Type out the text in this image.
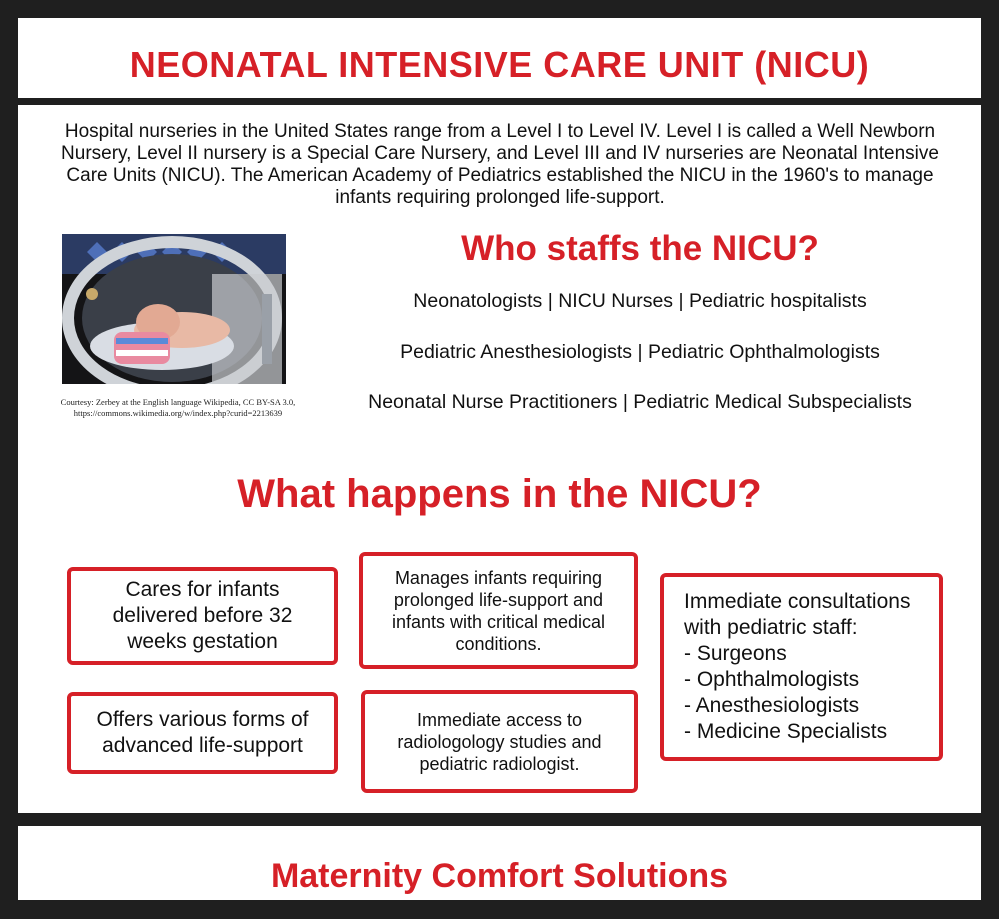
NEONATAL INTENSIVE CARE UNIT (NICU)
Hospital nurseries in the United States range from a Level I to Level IV. Level I is called a Well Newborn Nursery, Level II nursery is a Special Care Nursery, and Level III and IV nurseries are Neonatal Intensive Care Units (NICU). The American Academy of Pediatrics established the NICU in the 1960's to manage infants requiring prolonged life-support.
Courtesy: Zerbey at the English language Wikipedia, CC BY-SA 3.0,
https://commons.wikimedia.org/w/index.php?curid=2213639
Who staffs the NICU?
Neonatologists | NICU Nurses | Pediatric hospitalists
Pediatric Anesthesiologists | Pediatric Ophthalmologists
Neonatal Nurse Practitioners | Pediatric Medical Subspecialists
What happens in the NICU?
Cares for infants delivered before 32 weeks gestation
Manages infants requiring prolonged life-support and infants with critical medical conditions.
Offers various forms of advanced life-support
Immediate access to radiologology studies and pediatric radiologist.
Immediate consultations with pediatric staff:
- Surgeons
- Ophthalmologists
- Anesthesiologists
- Medicine Specialists
Maternity Comfort Solutions
